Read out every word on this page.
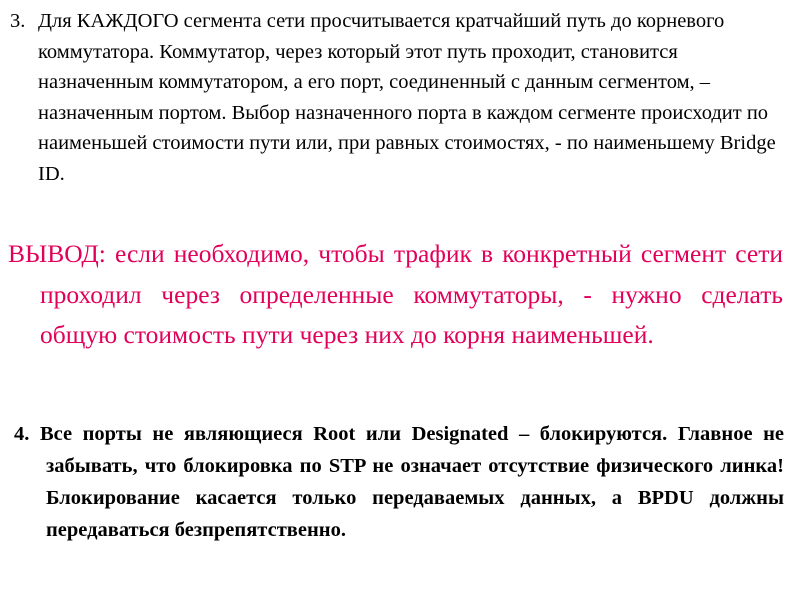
3. Для КАЖДОГО сегмента сети просчитывается кратчайший путь до корневого коммутатора. Коммутатор, через который этот путь проходит, становится назначенным коммутатором, а его порт, соединенный с данным сегментом, – назначенным портом. Выбор назначенного порта в каждом сегменте происходит по наименьшей стоимости пути или, при равных стоимостях, - по наименьшему Bridge ID.
ВЫВОД: если необходимо, чтобы трафик в конкретный сегмент сети проходил через определенные коммутаторы, - нужно сделать общую стоимость пути через них до корня наименьшей.
4. Все порты не являющиеся Root или Designated – блокируются. Главное не забывать, что блокировка по STP не означает отсутствие физического линка! Блокирование касается только передаваемых данных, а BPDU должны передаваться безпрепятственно.
